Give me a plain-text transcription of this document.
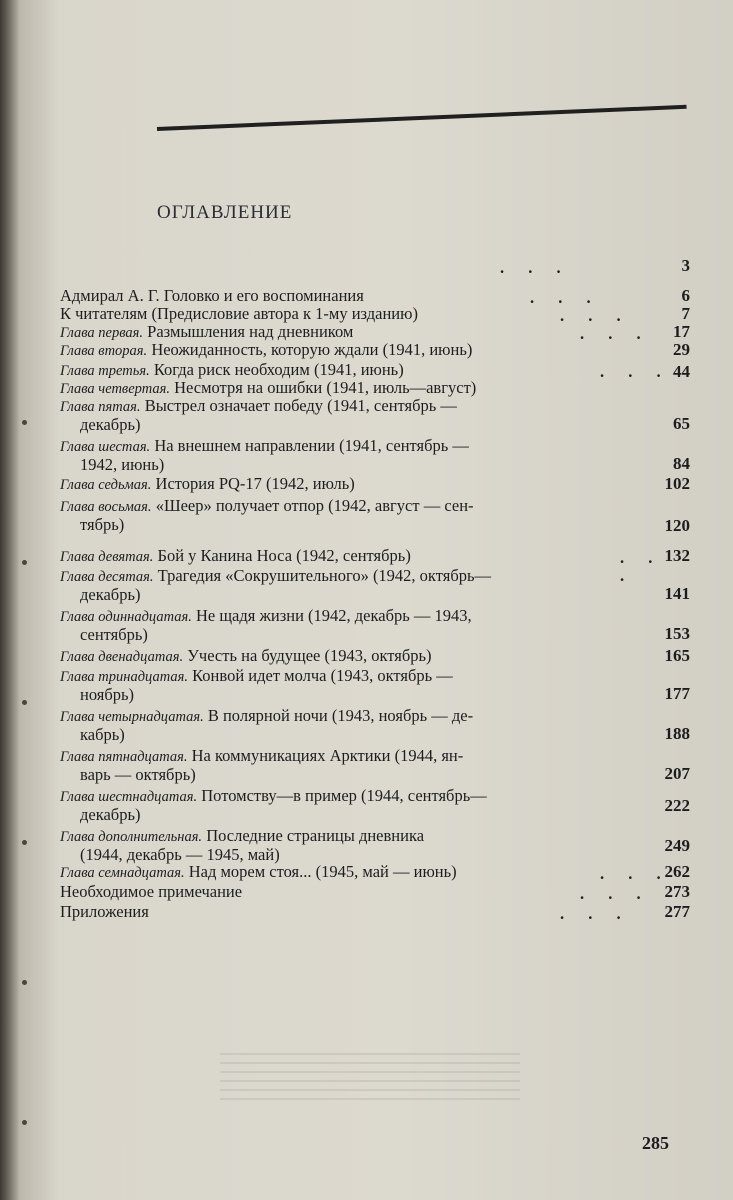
ОГЛАВЛЕНИЕ
3
Адмирал А. Г. Головко и его воспоминания	6
К читателям (Предисловие автора к 1-му изданию)	7
Глава первая. Размышления над дневником	17
Глава вторая. Неожиданность, которую ждали (1941, июнь)	29
Глава третья. Когда риск необходим (1941, июнь)	44
Глава четвертая. Несмотря на ошибки (1941, июль—август)
Глава пятая. Выстрел означает победу (1941, сентябрь —
декабрь)	65
Глава шестая. На внешнем направлении (1941, сентябрь —
1942, июнь)	84
Глава седьмая. История PQ-17 (1942, июль)	102
Глава восьмая. «Шеер» получает отпор (1942, август — сен-
тябрь)	120
Глава девятая. Бой у Канина Носа (1942, сентябрь)	132
Глава десятая. Трагедия «Сокрушительного» (1942, октябрь—
декабрь)	141
Глава одиннадцатая. Не щадя жизни (1942, декабрь — 1943,
сентябрь)	153
Глава двенадцатая. Учесть на будущее (1943, октябрь)	165
Глава тринадцатая. Конвой идет молча (1943, октябрь —
ноябрь)	177
Глава четырнадцатая. В полярной ночи (1943, ноябрь — де-
кабрь)	188
Глава пятнадцатая. На коммуникациях Арктики (1944, ян-
варь — октябрь)	207
Глава шестнадцатая. Потомству—в пример (1944, сентябрь—
декабрь)	222
Глава дополнительная. Последние страницы дневника
(1944, декабрь — 1945, май)	249
Глава семнадцатая. Над морем стоя... (1945, май — июнь)	262
Необходимое примечание	273
Приложения	277
. . .
. . .
. . .
. . .
. . .
. . .
. . .
. . .
. . .
285
